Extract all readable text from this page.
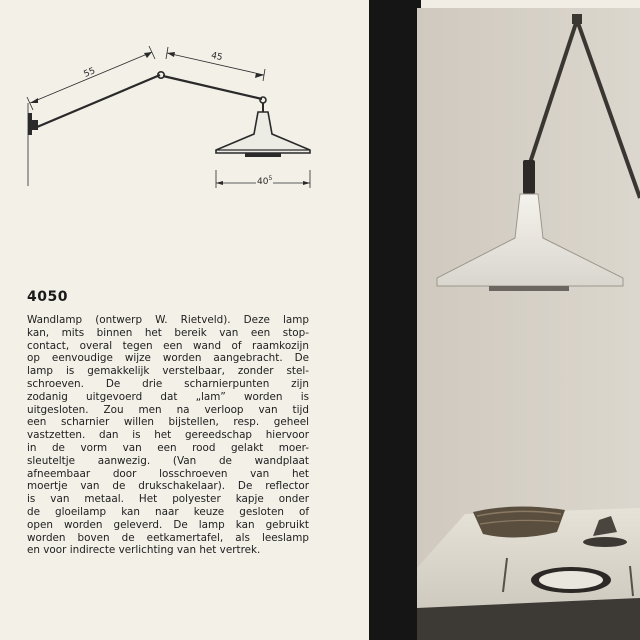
55
45
$40^5$
4050
Wandlamp (ontwerp W. Rietveld). Deze lamp
kan, mits binnen het bereik van een stop-
contact, overal tegen een wand of raamkozijn
op eenvoudige wijze worden aangebracht. De
lamp is gemakkelijk verstelbaar, zonder stel-
schroeven. De drie scharnierpunten zijn
zodanig uitgevoerd dat „lam” worden is
uitgesloten. Zou men na verloop van tijd
een scharnier willen bijstellen, resp. geheel
vastzetten. dan is het gereedschap hiervoor
in de vorm van een rood gelakt moer-
sleuteltje aanwezig. (Van de wandplaat
afneembaar door losschroeven van het
moertje van de drukschakelaar). De reflector
is van metaal. Het polyester kapje onder
de gloeilamp kan naar keuze gesloten of
open worden geleverd. De lamp kan gebruikt
worden boven de eetkamertafel, als leeslamp
en voor indirecte verlichting van het vertrek.
